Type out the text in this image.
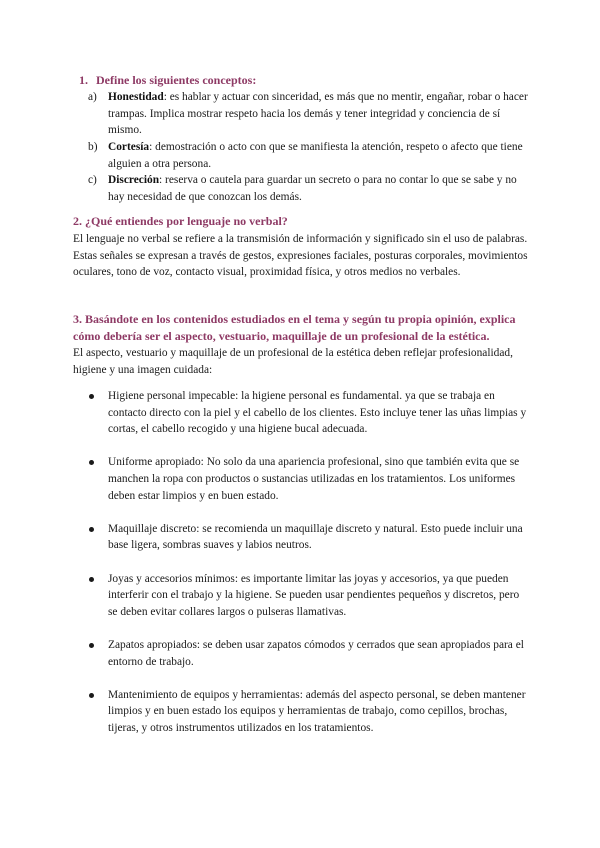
1. Define los siguientes conceptos:
a) Honestidad: es hablar y actuar con sinceridad, es más que no mentir, engañar, robar o hacer trampas. Implica mostrar respeto hacia los demás y tener integridad y conciencia de sí mismo.
b) Cortesía: demostración o acto con que se manifiesta la atención, respeto o afecto que tiene alguien a otra persona.
c) Discreción: reserva o cautela para guardar un secreto o para no contar lo que se sabe y no hay necesidad de que conozcan los demás.
2. ¿Qué entiendes por lenguaje no verbal?
El lenguaje no verbal se refiere a la transmisión de información y significado sin el uso de palabras. Estas señales se expresan a través de gestos, expresiones faciales, posturas corporales, movimientos oculares, tono de voz, contacto visual, proximidad física, y otros medios no verbales.
3. Basándote en los contenidos estudiados en el tema y según tu propia opinión, explica cómo debería ser el aspecto, vestuario, maquillaje de un profesional de la estética.
El aspecto, vestuario y maquillaje de un profesional de la estética deben reflejar profesionalidad, higiene y una imagen cuidada:
Higiene personal impecable: la higiene personal es fundamental. ya que se trabaja en contacto directo con la piel y el cabello de los clientes. Esto incluye tener las uñas limpias y cortas, el cabello recogido y una higiene bucal adecuada.
Uniforme apropiado: No solo da una apariencia profesional, sino que también evita que se manchen la ropa con productos o sustancias utilizadas en los tratamientos. Los uniformes deben estar limpios y en buen estado.
Maquillaje discreto: se recomienda un maquillaje discreto y natural. Esto puede incluir una base ligera, sombras suaves y labios neutros.
Joyas y accesorios mínimos: es importante limitar las joyas y accesorios, ya que pueden interferir con el trabajo y la higiene. Se pueden usar pendientes pequeños y discretos, pero se deben evitar collares largos o pulseras llamativas.
Zapatos apropiados: se deben usar zapatos cómodos y cerrados que sean apropiados para el entorno de trabajo.
Mantenimiento de equipos y herramientas: además del aspecto personal, se deben mantener limpios y en buen estado los equipos y herramientas de trabajo, como cepillos, brochas, tijeras, y otros instrumentos utilizados en los tratamientos.
